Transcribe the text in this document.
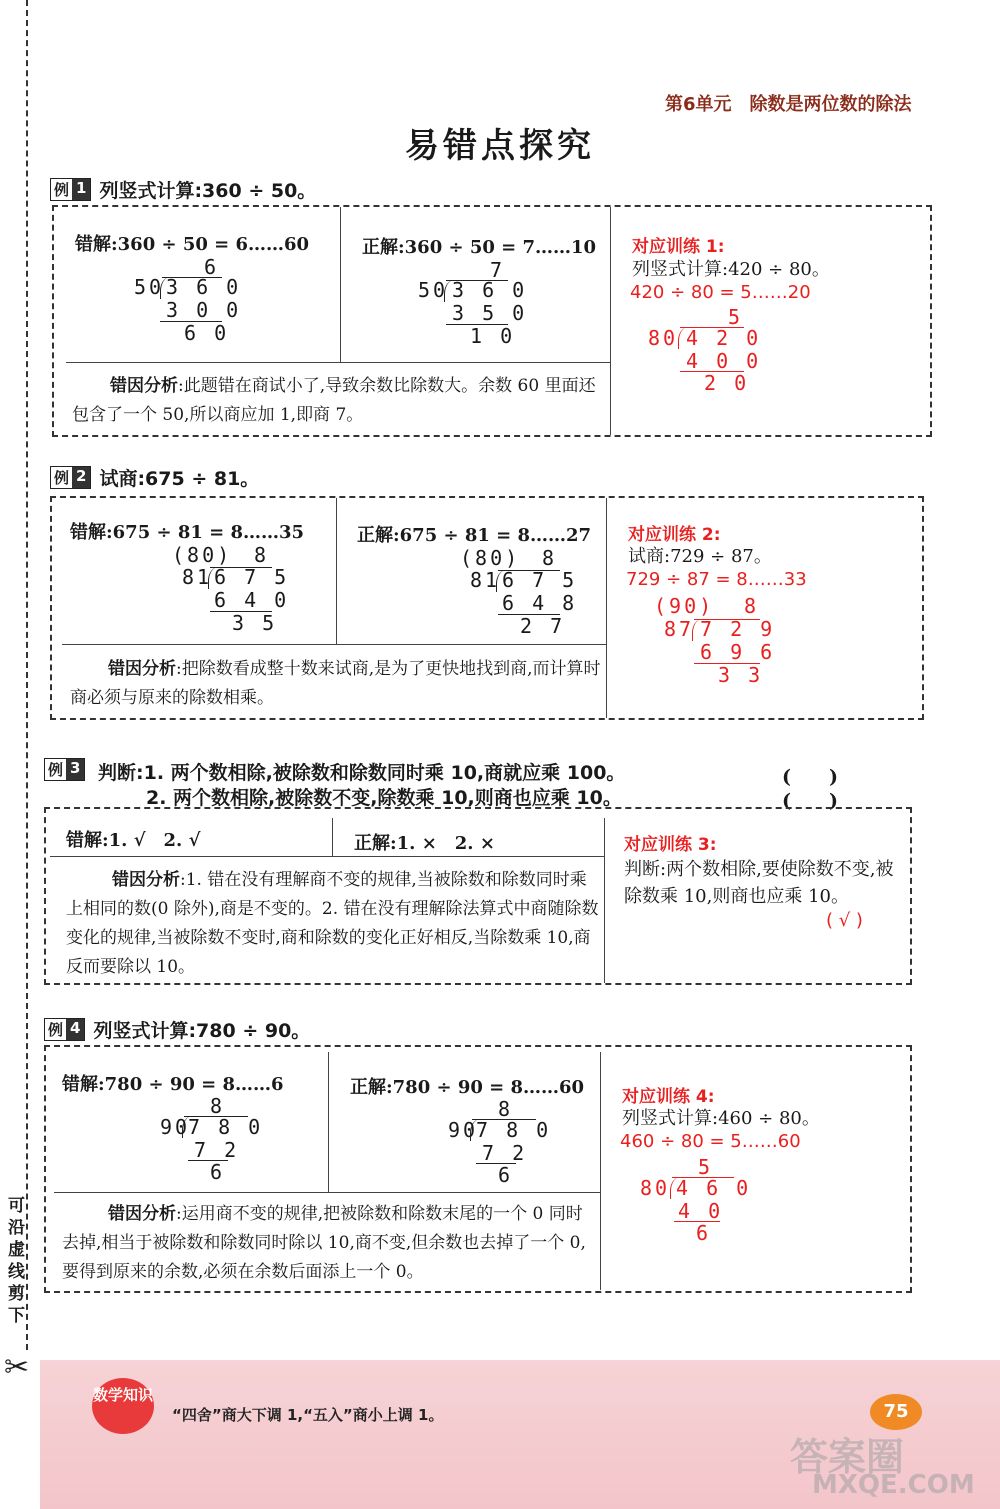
可沿虚线剪下
✂
第6单元　除数是两位数的除法
易错点探究
例 1 列竖式计算:360 ÷ 50。
错解:360 ÷ 50 = 6……60
6
50 3 6 0
3 0 0
6 0
正解:360 ÷ 50 = 7……10
7
50 3 6 0
3 5 0
1 0
错因分析:此题错在商试小了,导致余数比除数大。余数 60 里面还包含了一个 50,所以商应加 1,即商 7。
对应训练 1:
列竖式计算:420 ÷ 80。
420 ÷ 80 = 5……20
5
80 4 2 0
4 0 0
2 0
例 2 试商:675 ÷ 81。
错解:675 ÷ 81 = 8……35
(80) 8
81 6 7 5
6 4 0
3 5
正解:675 ÷ 81 = 8……27
(80) 8
81 6 7 5
6 4 8
2 7
错因分析:把除数看成整十数来试商,是为了更快地找到商,而计算时商必须与原来的除数相乘。
对应训练 2:
试商:729 ÷ 87。
729 ÷ 87 = 8……33
(90) 8
87 7 2 9
6 9 6
3 3
例 3 判断:1. 两个数相除,被除数和除数同时乘 10,商就应乘 100。
2. 两个数相除,被除数不变,除数乘 10,则商也应乘 10。
(　　)
(　　)
错解:1. √　2. √	正解:1. ×　2. ×
错因分析:1. 错在没有理解商不变的规律,当被除数和除数同时乘上相同的数(0 除外),商是不变的。2. 错在没有理解除法算式中商随除数变化的规律,当被除数不变时,商和除数的变化正好相反,当除数乘 10,商反而要除以 10。
对应训练 3:
判断:两个数相除,要使除数不变,被除数乘 10,则商也应乘 10。
( √ )
例 4 列竖式计算:780 ÷ 90。
错解:780 ÷ 90 = 8……6
8
90
7 8 0
7 2
6
正解:780 ÷ 90 = 8……60
8
90
7 8 0
7 2
6
错因分析:运用商不变的规律,把被除数和除数末尾的一个 0 同时去掉,相当于被除数和除数同时除以 10,商不变,但余数也去掉了一个 0,要得到原来的余数,必须在余数后面添上一个 0。
对应训练 4:
列竖式计算:460 ÷ 80。
460 ÷ 80 = 5……60
5
80 4 6 0
4 0
6
数学知识
“四舍”商大下调 1,“五入”商小上调 1。	75
答案圈
MXQE.COM
